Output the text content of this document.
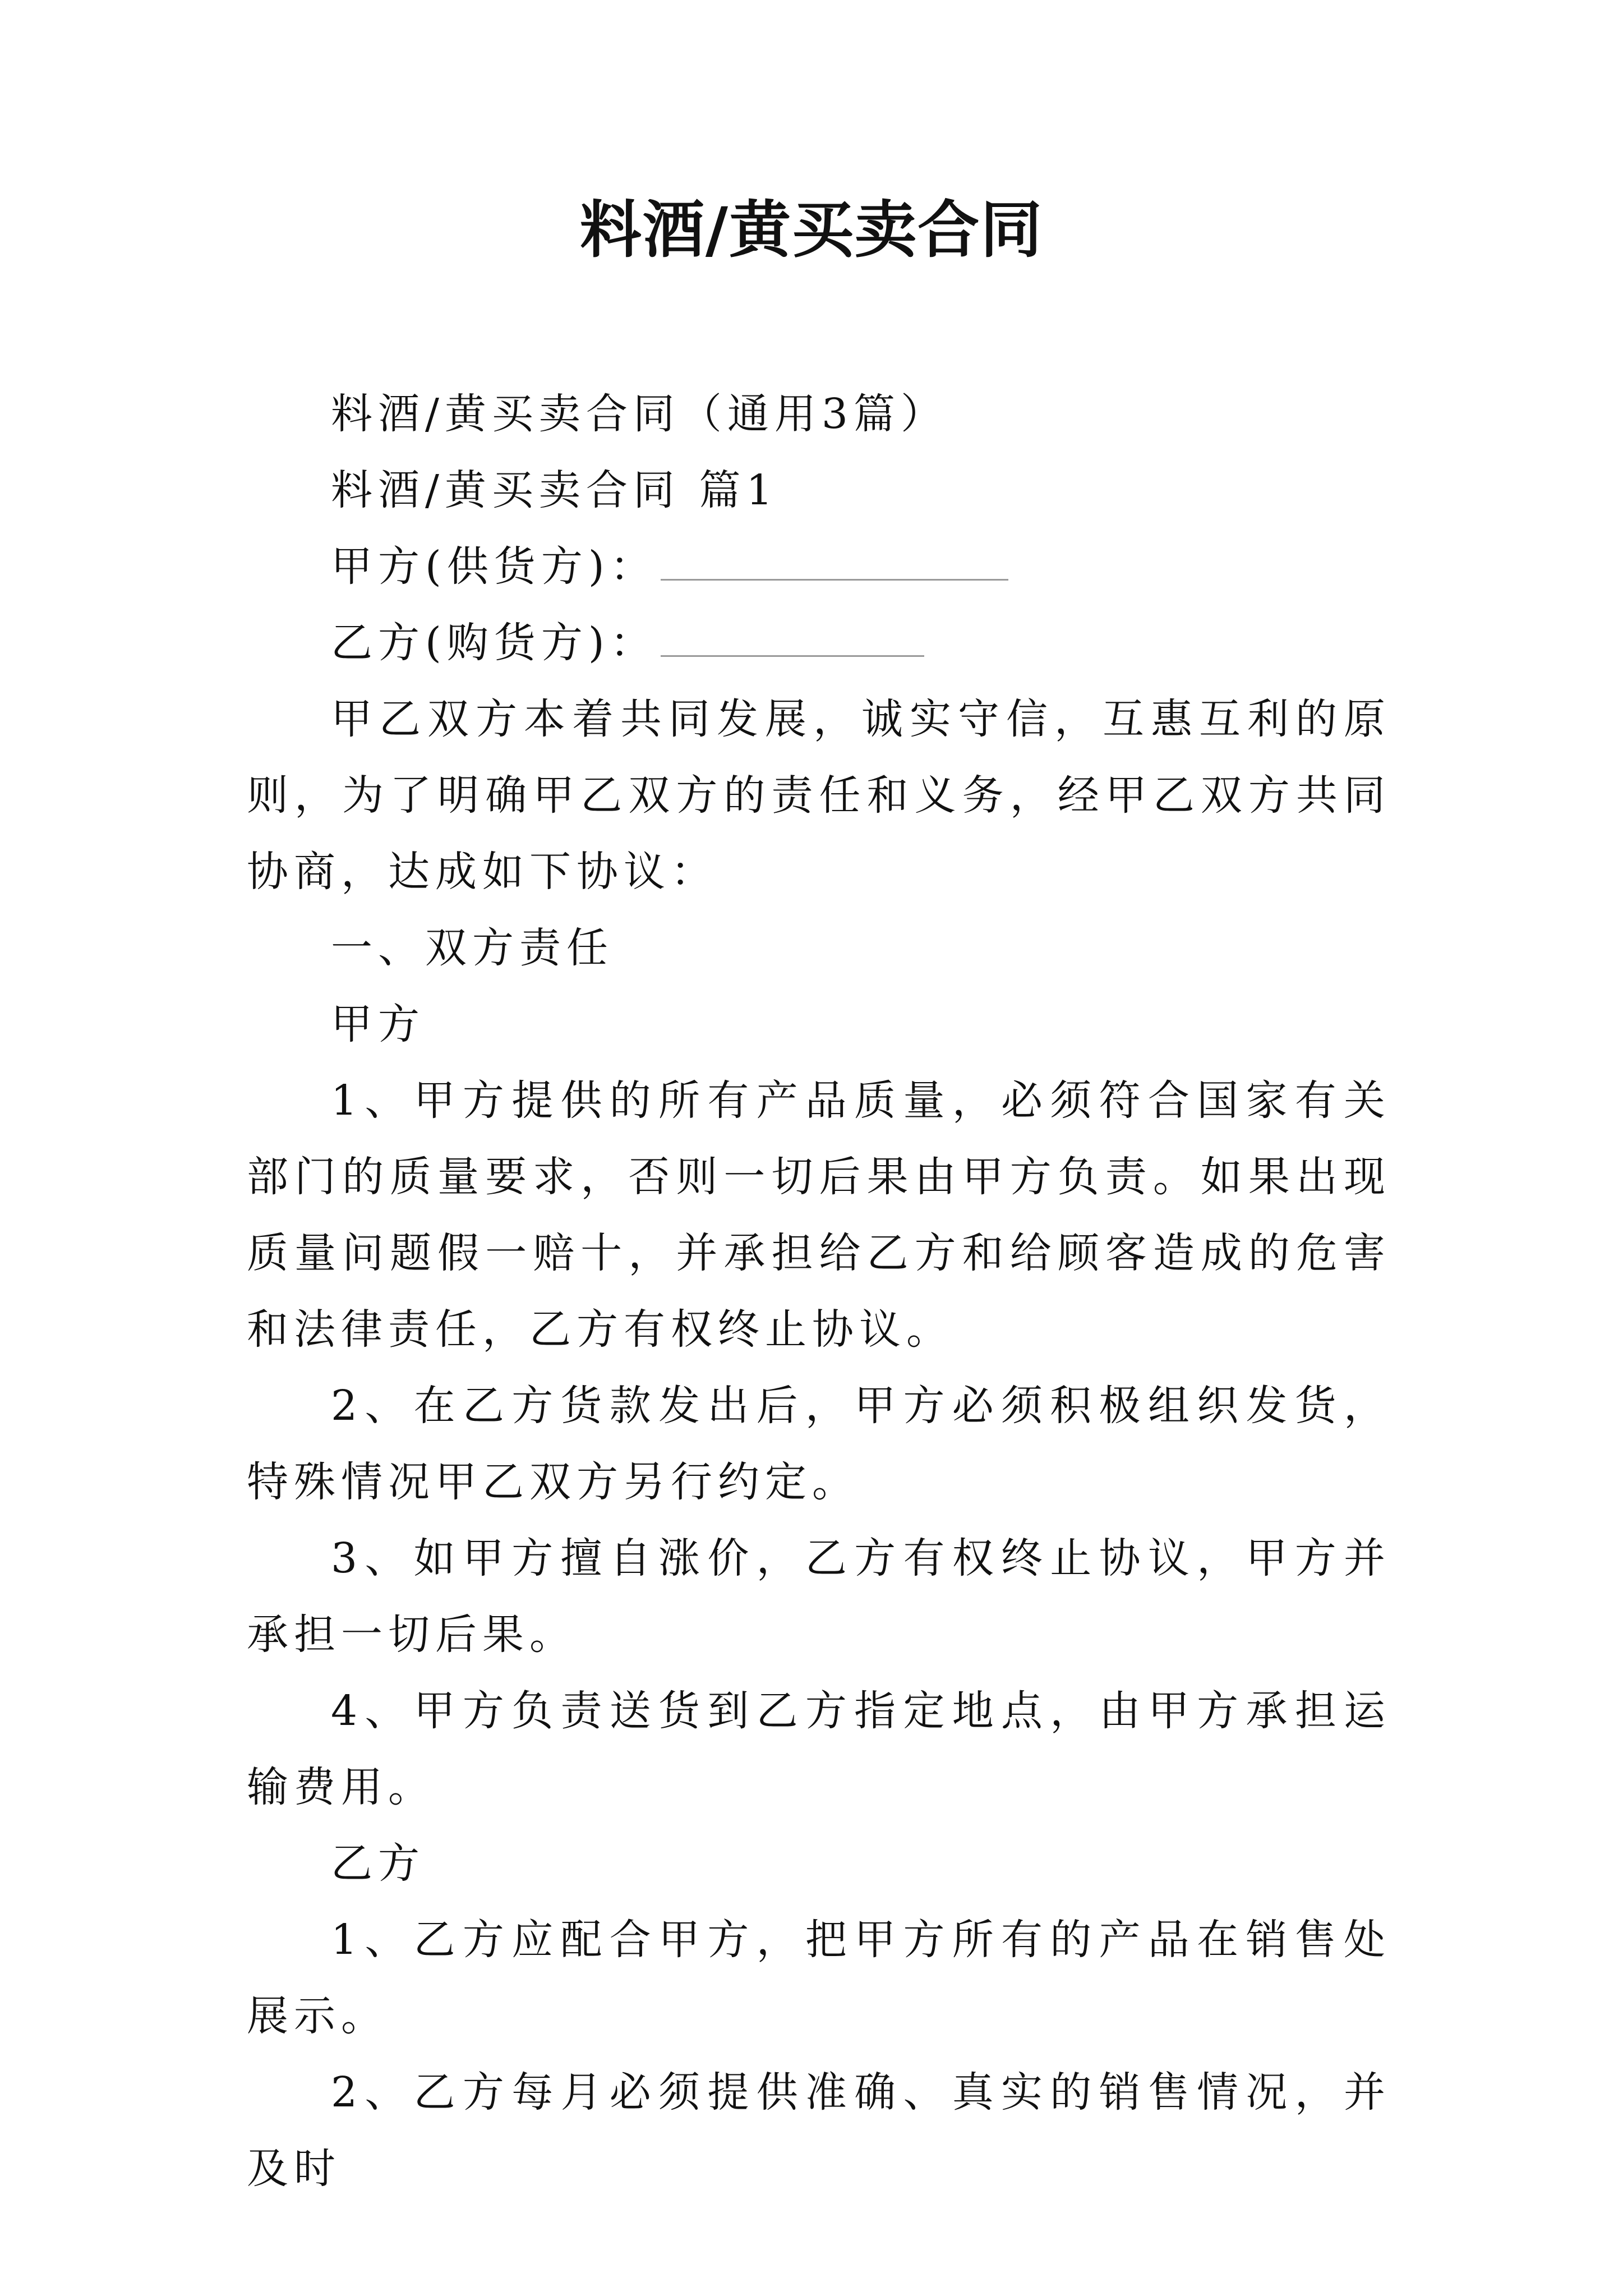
料酒/黄买卖合同

料酒/黄买卖合同（通用3篇）

料酒/黄买卖合同 篇1

甲方(供货方)：

乙方(购货方)：

甲乙双方本着共同发展，诚实守信，互惠互利的原则，为了明确甲乙双方的责任和义务，经甲乙双方共同协商，达成如下协议：

一、双方责任

甲方

1、甲方提供的所有产品质量，必须符合国家有关部门的质量要求，否则一切后果由甲方负责。如果出现质量问题假一赔十，并承担给乙方和给顾客造成的危害和法律责任，乙方有权终止协议。

2、在乙方货款发出后，甲方必须积极组织发货，特殊情况甲乙双方另行约定。

3、如甲方擅自涨价，乙方有权终止协议，甲方并承担一切后果。

4、甲方负责送货到乙方指定地点，由甲方承担运输费用。

乙方

1、乙方应配合甲方，把甲方所有的产品在销售处展示。

2、乙方每月必须提供准确、真实的销售情况，并及时
